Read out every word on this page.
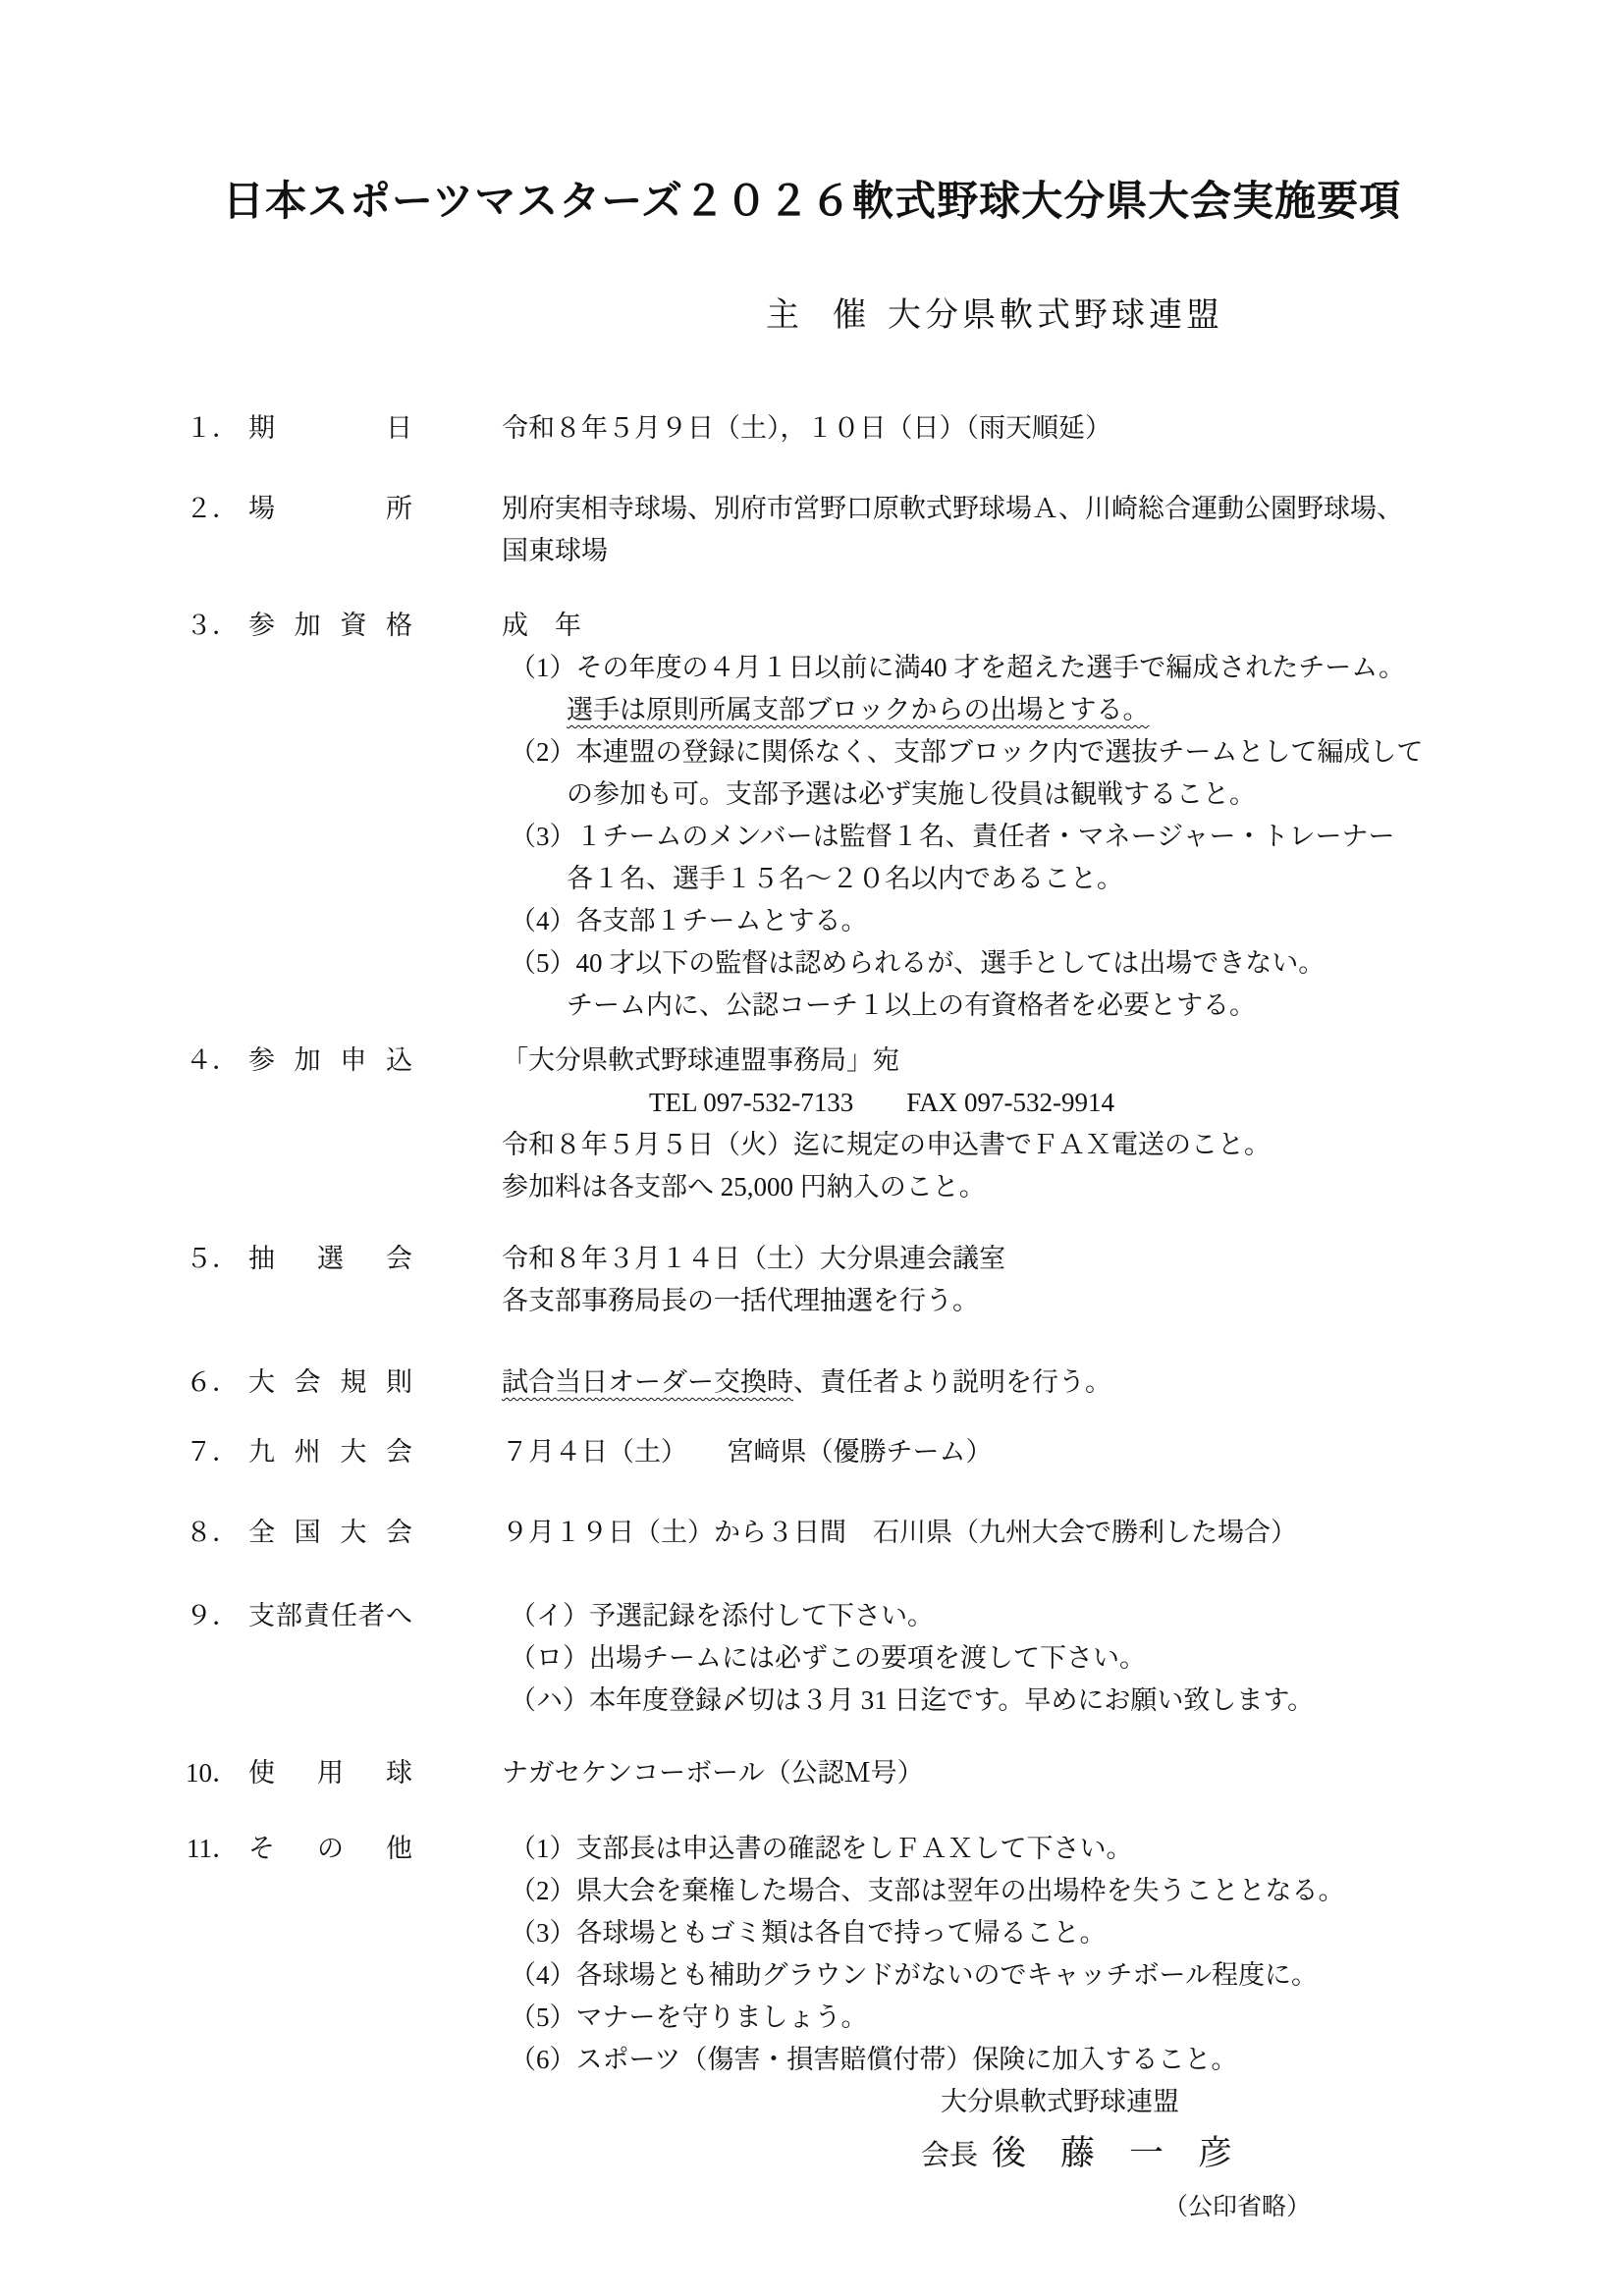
日本スポーツマスターズ２０２６軟式野球大分県大会実施要項
主　催 大分県軟式野球連盟
１． 期日	令和８年５月９日（土），１０日（日）（雨天順延）
２． 場所	別府実相寺球場、別府市営野口原軟式野球場Ａ、川崎総合運動公園野球場、
国東球場
３． 参加資格	成　年
（1）その年度の４月１日以前に満40 才を超えた選手で編成されたチーム。
選手は原則所属支部ブロックからの出場とする。
（2）本連盟の登録に関係なく、支部ブロック内で選抜チームとして編成して
の参加も可。支部予選は必ず実施し役員は観戦すること。
（3）１チームのメンバーは監督１名、責任者・マネージャー・トレーナー
各１名、選手１５名～２０名以内であること。
（4）各支部１チームとする。
（5）40 才以下の監督は認められるが、選手としては出場できない。
チーム内に、公認コーチ１以上の有資格者を必要とする。
４． 参加申込	「大分県軟式野球連盟事務局」宛
TEL 097-532-7133　　FAX 097-532-9914
令和８年５月５日（火）迄に規定の申込書でＦＡＸ電送のこと。
参加料は各支部へ 25,000 円納入のこと。
５． 抽選会	令和８年３月１４日（土）大分県連会議室
各支部事務局長の一括代理抽選を行う。
６． 大会規則	試合当日オーダー交換時、責任者より説明を行う。
７． 九州大会	７月４日（土）　　宮﨑県（優勝チーム）
８． 全国大会	９月１９日（土）から３日間　石川県（九州大会で勝利した場合）
９． 支部責任者へ	（イ）予選記録を添付して下さい。
（ロ）出場チームには必ずこの要項を渡して下さい。
（ハ）本年度登録〆切は３月 31 日迄です。早めにお願い致します。
10． 使用球	ナガセケンコーボール（公認Ｍ号）
11． その他	（1）支部長は申込書の確認をしＦＡＸして下さい。
（2）県大会を棄権した場合、支部は翌年の出場枠を失うこととなる。
（3）各球場ともゴミ類は各自で持って帰ること。
（4）各球場とも補助グラウンドがないのでキャッチボール程度に。
（5）マナーを守りましょう。
（6）スポーツ（傷害・損害賠償付帯）保険に加入すること。
大分県軟式野球連盟
会長 後　藤　一　彦
（公印省略）
